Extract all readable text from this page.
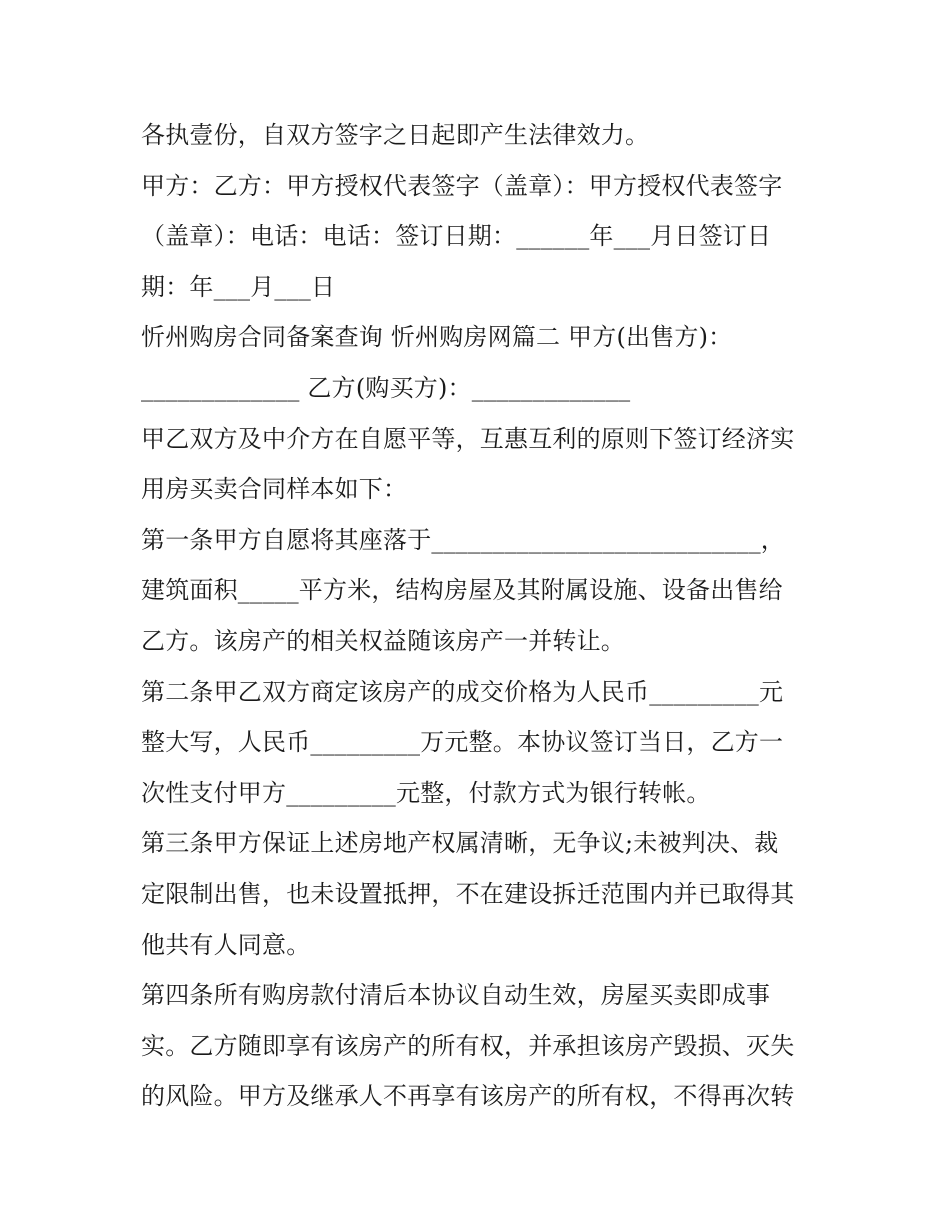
各执壹份，自双方签字之日起即产生法律效力。
甲方：乙方：甲方授权代表签字（盖章）：甲方授权代表签字
（盖章）：电话：电话：签订日期：______年___月日签订日
期：年___月___日
忻州购房合同备案查询 忻州购房网篇二 甲方(出售方)：
_____________ 乙方(购买方)：_____________
甲乙双方及中介方在自愿平等，互惠互利的原则下签订经济实
用房买卖合同样本如下：
第一条甲方自愿将其座落于___________________________，
建筑面积_____平方米，结构房屋及其附属设施、设备出售给
乙方。该房产的相关权益随该房产一并转让。
第二条甲乙双方商定该房产的成交价格为人民币_________元
整大写，人民币_________万元整。本协议签订当日，乙方一
次性支付甲方_________元整，付款方式为银行转帐。
第三条甲方保证上述房地产权属清晰，无争议;未被判决、裁
定限制出售，也未设置抵押，不在建设拆迁范围内并已取得其
他共有人同意。
第四条所有购房款付清后本协议自动生效，房屋买卖即成事
实。乙方随即享有该房产的所有权，并承担该房产毁损、灭失
的风险。甲方及继承人不再享有该房产的所有权，不得再次转
